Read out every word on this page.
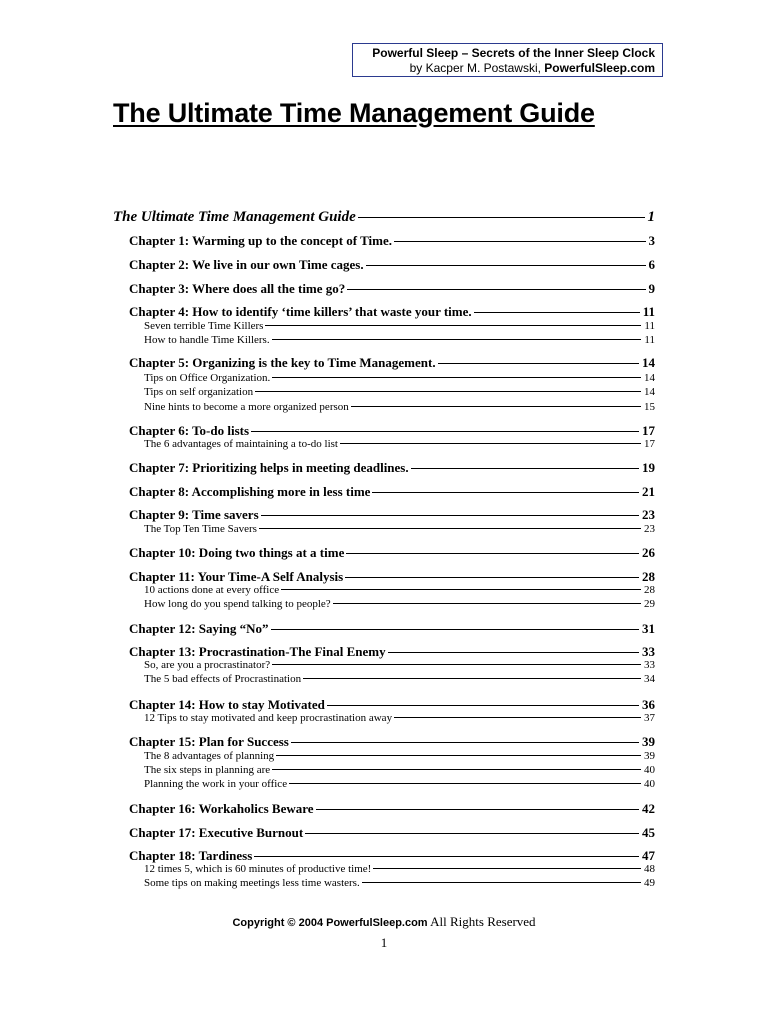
Powerful Sleep – Secrets of the Inner Sleep Clock
by Kacper M. Postawski, PowerfulSleep.com
The Ultimate Time Management Guide
The Ultimate Time Management Guide	1
Chapter 1: Warming up to the concept of Time.	3
Chapter 2: We live in our own Time cages.	6
Chapter 3: Where does all the time go?	9
Chapter 4: How to identify ‘time killers’ that waste your time.	11
Seven terrible Time Killers	11
How to handle Time Killers.	11
Chapter 5: Organizing is the key to Time Management.	14
Tips on Office Organization.	14
Tips on self organization	14
Nine hints to become a more organized person	15
Chapter 6: To-do lists	17
The 6 advantages of maintaining a to-do list	17
Chapter 7: Prioritizing helps in meeting deadlines.	19
Chapter 8: Accomplishing more in less time	21
Chapter 9: Time savers	23
The Top Ten Time Savers	23
Chapter 10: Doing two things at a time	26
Chapter 11: Your Time-A Self Analysis	28
10 actions done at every office	28
How long do you spend talking to people?	29
Chapter 12: Saying “No”	31
Chapter 13: Procrastination-The Final Enemy	33
So, are you a procrastinator?	33
The 5 bad effects of Procrastination	34
Chapter 14: How to stay Motivated	36
12 Tips to stay motivated and keep procrastination away	37
Chapter 15: Plan for Success	39
The 8 advantages of planning	39
The six steps in planning are	40
Planning the work in your office	40
Chapter 16: Workaholics Beware	42
Chapter 17: Executive Burnout	45
Chapter 18: Tardiness	47
12 times 5, which is 60 minutes of productive time!	48
Some tips on making meetings less time wasters.	49
Copyright © 2004 PowerfulSleep.com All Rights Reserved
1
